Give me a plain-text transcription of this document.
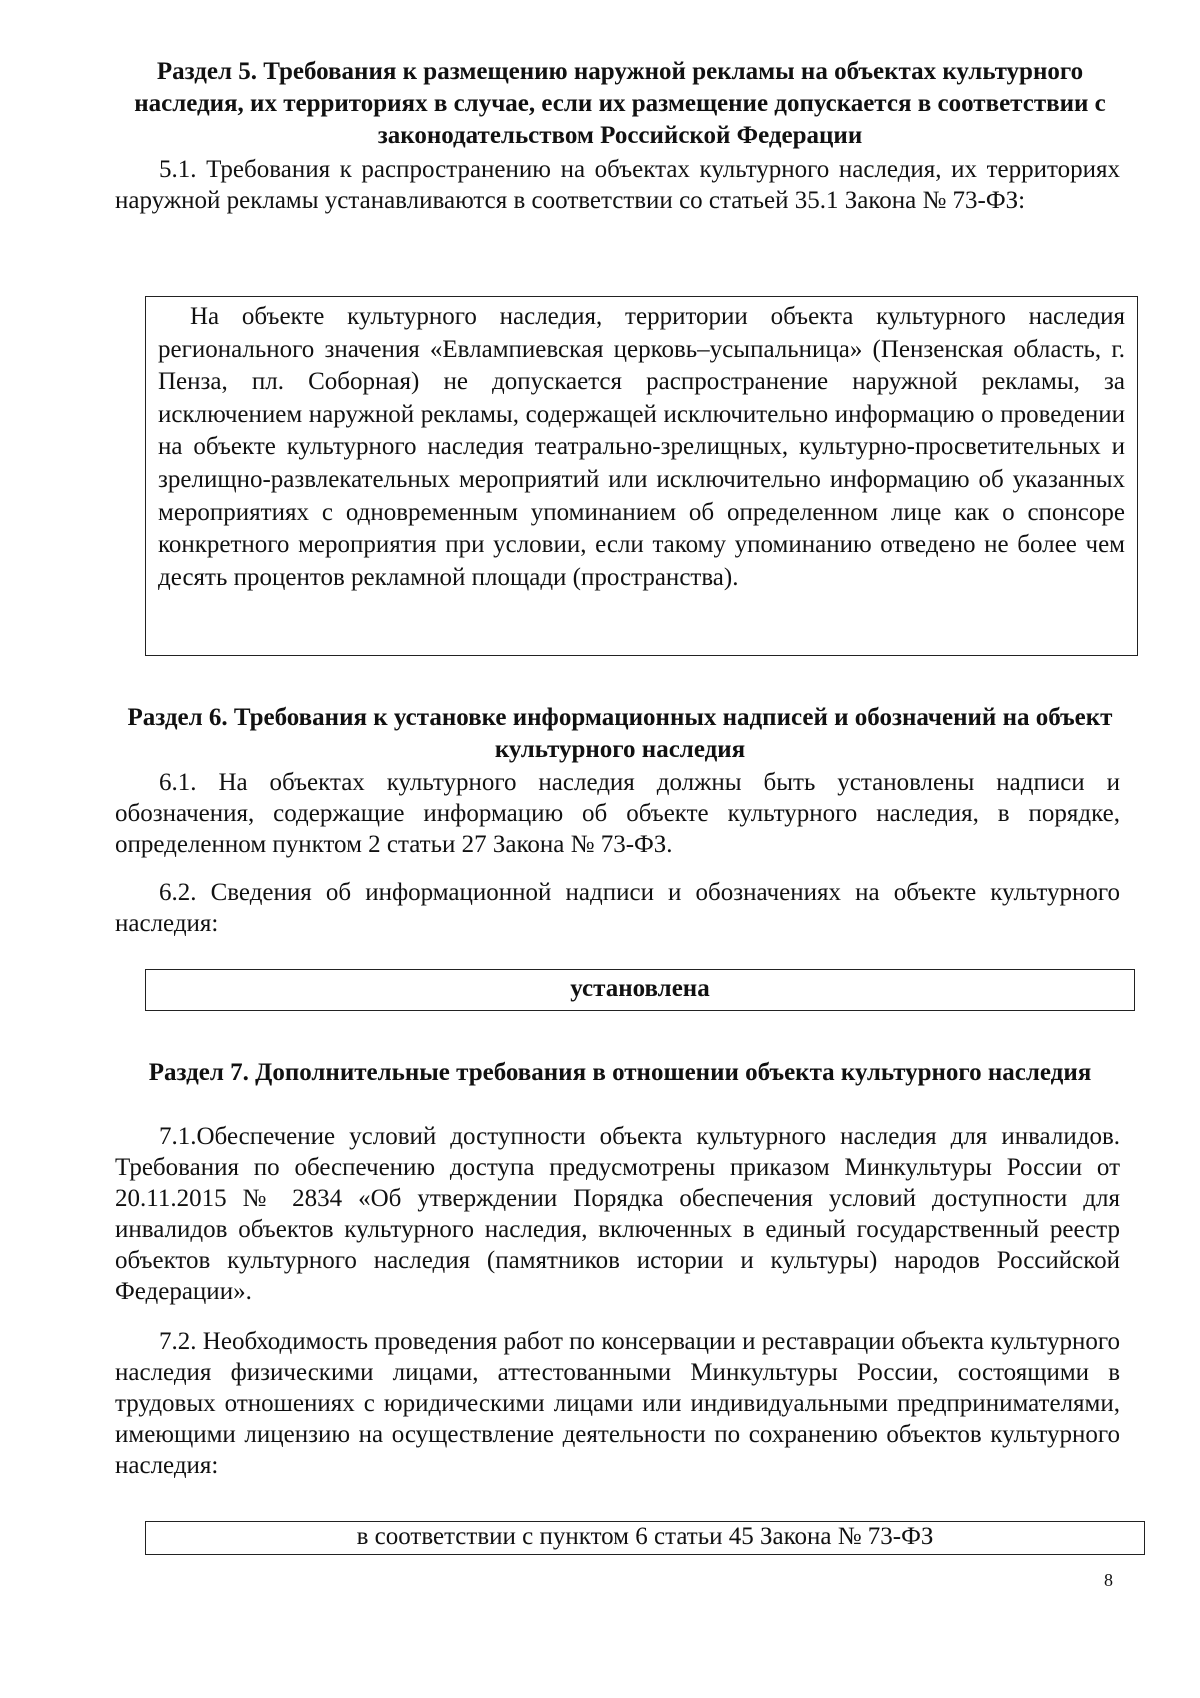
Раздел 5. Требования к размещению наружной рекламы на объектах культурного наследия, их территориях в случае, если их размещение допускается в соответствии с законодательством Российской Федерации

5.1. Требования к распространению на объектах культурного наследия, их территориях наружной рекламы устанавливаются в соответствии со статьей 35.1 Закона № 73-ФЗ:

На объекте культурного наследия, территории объекта культурного наследия регионального значения «Евлампиевская церковь–усыпальница» (Пензенская область, г. Пенза, пл. Соборная) не допускается распространение наружной рекламы, за исключением наружной рекламы, содержащей исключительно информацию о проведении на объекте культурного наследия театрально-зрелищных, культурно-просветительных и зрелищно-развлекательных мероприятий или исключительно информацию об указанных мероприятиях с одновременным упоминанием об определенном лице как о спонсоре конкретного мероприятия при условии, если такому упоминанию отведено не более чем десять процентов рекламной площади (пространства).

Раздел 6. Требования к установке информационных надписей и обозначений на объект культурного наследия

6.1. На объектах культурного наследия должны быть установлены надписи и обозначения, содержащие информацию об объекте культурного наследия, в порядке, определенном пунктом 2 статьи 27 Закона № 73-ФЗ.

6.2. Сведения об информационной надписи и обозначениях на объекте культурного наследия:

установлена

Раздел 7. Дополнительные требования в отношении объекта культурного наследия

7.1.Обеспечение условий доступности объекта культурного наследия для инвалидов. Требования по обеспечению доступа предусмотрены приказом Минкультуры России от 20.11.2015 № 2834 «Об утверждении Порядка обеспечения условий доступности для инвалидов объектов культурного наследия, включенных в единый государственный реестр объектов культурного наследия (памятников истории и культуры) народов Российской Федерации».

7.2. Необходимость проведения работ по консервации и реставрации объекта культурного наследия физическими лицами, аттестованными Минкультуры России, состоящими в трудовых отношениях с юридическими лицами или индивидуальными предпринимателями, имеющими лицензию на осуществление деятельности по сохранению объектов культурного наследия:

в соответствии с пунктом 6 статьи 45 Закона № 73-ФЗ

8
